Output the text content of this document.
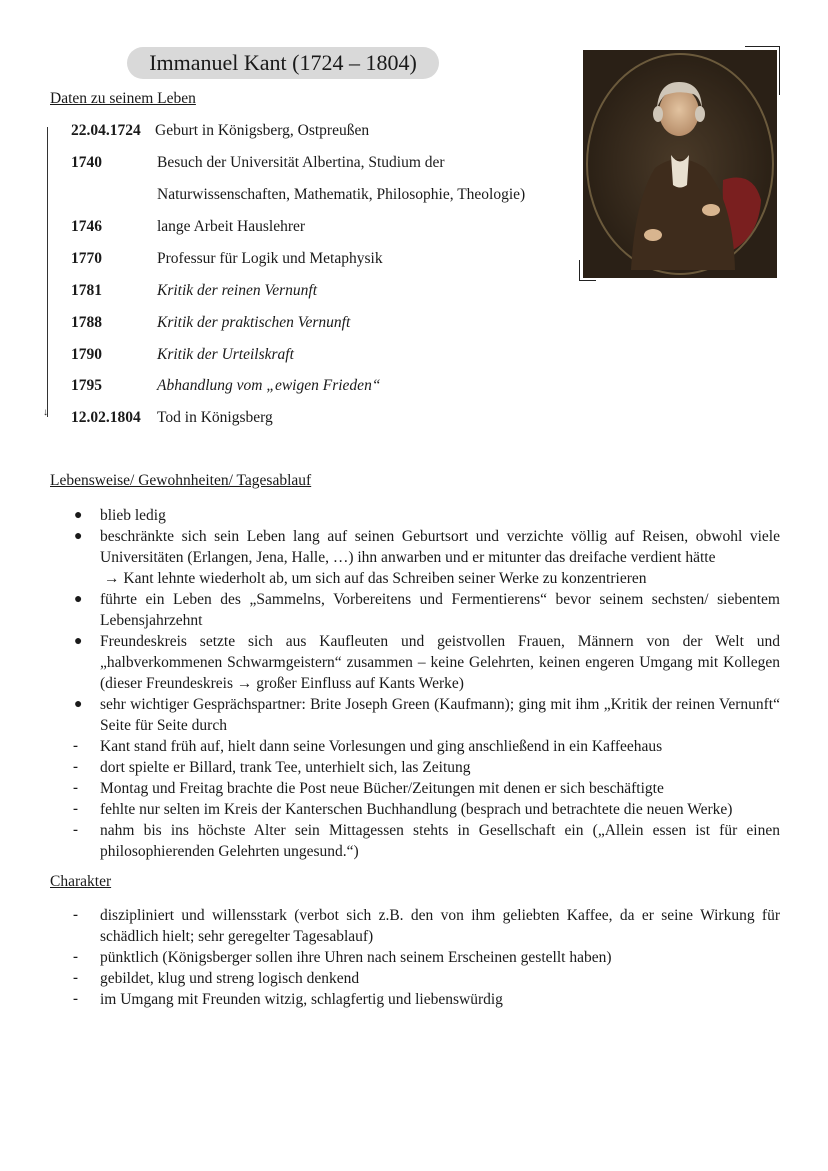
Immanuel Kant (1724 – 1804)
Daten zu seinem Leben
↓
22.04.1724 Geburt in Königsberg, Ostpreußen
1740	Besuch der Universität Albertina, Studium der
Naturwissenschaften, Mathematik, Philosophie, Theologie)
1746	lange Arbeit Hauslehrer
1770	Professur für Logik und Metaphysik
1781	Kritik der reinen Vernunft
1788	Kritik der praktischen Vernunft
1790	Kritik der Urteilskraft
1795	Abhandlung vom „ewigen Frieden“
12.02.1804 Tod in Königsberg
Lebensweise/ Gewohnheiten/ Tagesablauf
● blieb ledig
● beschränkte sich sein Leben lang auf seinen Geburtsort und verzichte völlig auf Reisen, obwohl viele Universitäten (Erlangen, Jena, Halle, …) ihn anwarben und er mitunter das dreifache verdient hätte
→ Kant lehnte wiederholt ab, um sich auf das Schreiben seiner Werke zu konzentrieren
● führte ein Leben des „Sammelns, Vorbereitens und Fermentierens“ bevor seinem sechsten/ siebentem Lebensjahrzehnt
● Freundeskreis setzte sich aus Kaufleuten und geistvollen Frauen, Männern von der Welt und „halbverkommenen Schwarmgeistern“ zusammen – keine Gelehrten, keinen engeren Umgang mit Kollegen (dieser Freundeskreis → großer Einfluss auf Kants Werke)
● sehr wichtiger Gesprächspartner: Brite Joseph Green (Kaufmann); ging mit ihm „Kritik der reinen Vernunft“ Seite für Seite durch
- Kant stand früh auf, hielt dann seine Vorlesungen und ging anschließend in ein Kaffeehaus
- dort spielte er Billard, trank Tee, unterhielt sich, las Zeitung
- Montag und Freitag brachte die Post neue Bücher/Zeitungen mit denen er sich beschäftigte
- fehlte nur selten im Kreis der Kanterschen Buchhandlung (besprach und betrachtete die neuen Werke)
- nahm bis ins höchste Alter sein Mittagessen stehts in Gesellschaft ein („Allein essen ist für einen philosophierenden Gelehrten ungesund.“)
Charakter
- diszipliniert und willensstark (verbot sich z.B. den von ihm geliebten Kaffee, da er seine Wirkung für schädlich hielt; sehr geregelter Tagesablauf)
- pünktlich (Königsberger sollen ihre Uhren nach seinem Erscheinen gestellt haben)
- gebildet, klug und streng logisch denkend
- im Umgang mit Freunden witzig, schlagfertig und liebenswürdig
